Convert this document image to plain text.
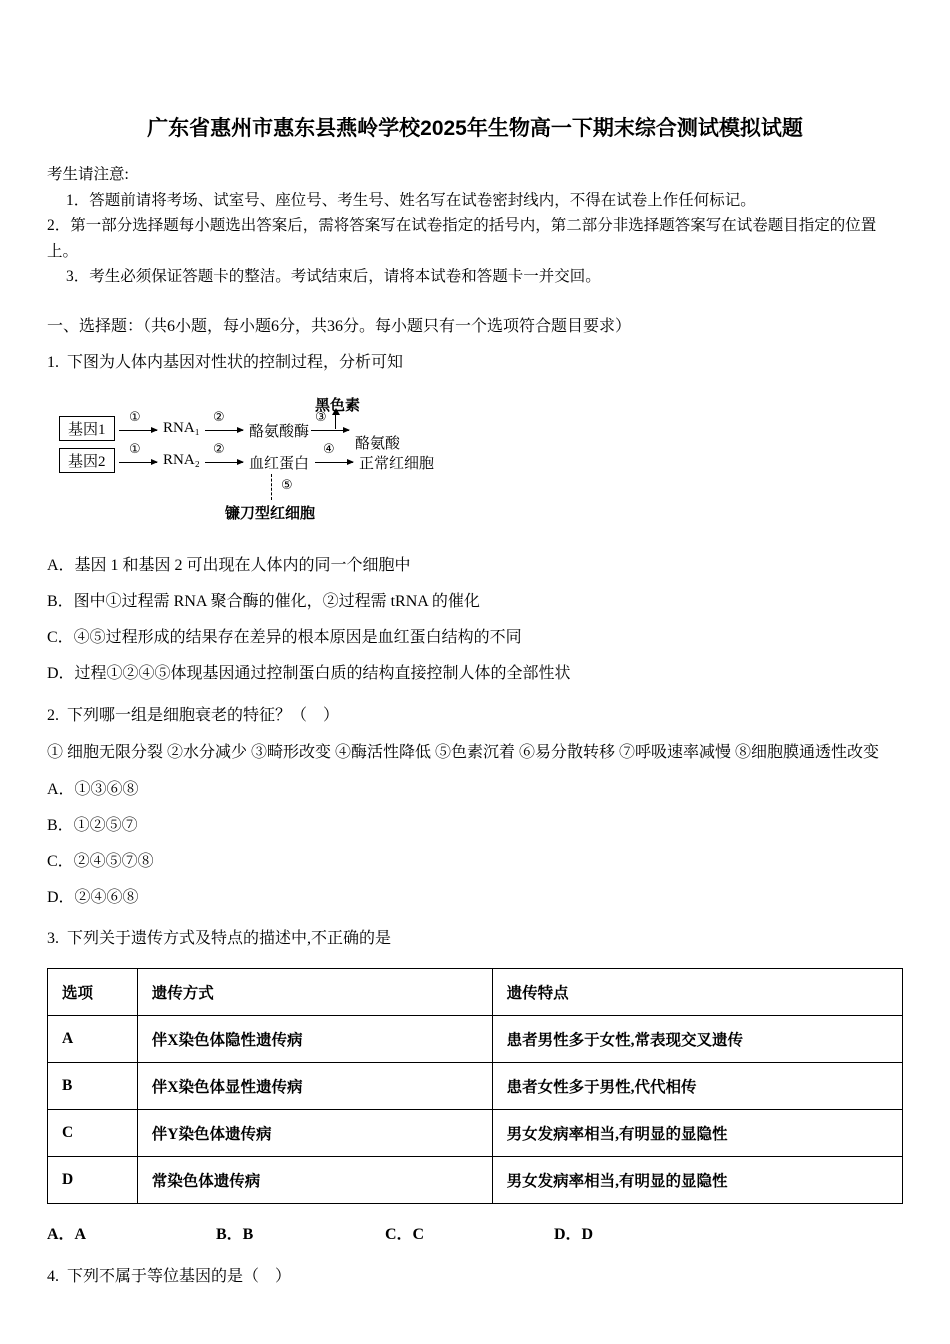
广东省惠州市惠东县燕岭学校2025年生物高一下期末综合测试模拟试题

考生请注意:

1．答题前请将考场、试室号、座位号、考生号、姓名写在试卷密封线内，不得在试卷上作任何标记。

2．第一部分选择题每小题选出答案后，需将答案写在试卷指定的括号内，第二部分非选择题答案写在试卷题目指定的位置上。

3．考生必须保证答题卡的整洁。考试结束后，请将本试卷和答题卡一并交回。

一、选择题：（共6小题，每小题6分，共36分。每小题只有一个选项符合题目要求）

1. 下图为人体内基因对性状的控制过程，分析可知

黑色素
基因1
①
RNA₁
②
酪氨酸酶
③
酪氨酸
基因2
①
RNA₂
②
血红蛋白
④
正常红细胞
⑤
镰刀型红细胞

A．基因 1 和基因 2 可出现在人体内的同一个细胞中

B．图中①过程需 RNA 聚合酶的催化，②过程需 tRNA 的催化

C．④⑤过程形成的结果存在差异的根本原因是血红蛋白结构的不同

D．过程①②④⑤体现基因通过控制蛋白质的结构直接控制人体的全部性状

2. 下列哪一组是细胞衰老的特征？（　）

① 细胞无限分裂 ②水分减少 ③畸形改变 ④酶活性降低 ⑤色素沉着 ⑥易分散转移 ⑦呼吸速率减慢 ⑧细胞膜通透性改变

A．①③⑥⑧

B．①②⑤⑦

C．②④⑤⑦⑧

D．②④⑥⑧

3. 下列关于遗传方式及特点的描述中,不正确的是

选项	遗传方式	遗传特点
A	伴X染色体隐性遗传病	患者男性多于女性,常表现交叉遗传
B	伴X染色体显性遗传病	患者女性多于男性,代代相传
C	伴Y染色体遗传病	男女发病率相当,有明显的显隐性
D	常染色体遗传病	男女发病率相当,有明显的显隐性

A．A	B．B	C．C	D．D

4. 下列不属于等位基因的是（　）
